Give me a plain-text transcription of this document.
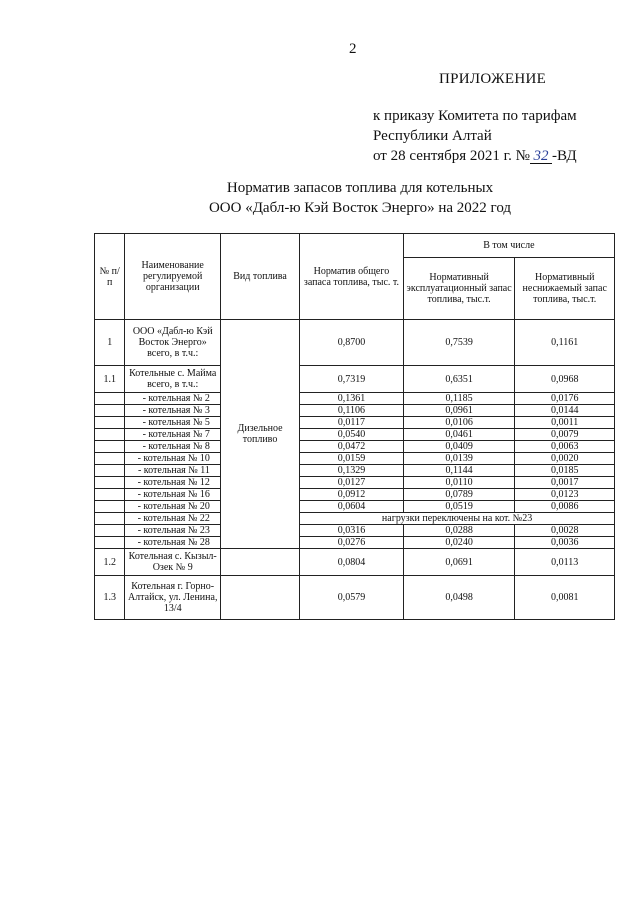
2
ПРИЛОЖЕНИЕ
к приказу Комитета по тарифам
Республики Алтай
от 28 сентября 2021 г. № 32 -ВД
Норматив запасов топлива для котельных
ООО «Дабл-ю Кэй Восток Энерго» на 2022 год
№ п/п	Наименование регулируемой организации	Вид топлива	Норматив общего запаса топлива, тыс. т.	В том числе	
				Нормативный эксплуатационный запас топлива, тыс.т.	Нормативный неснижаемый запас топлива, тыс.т.
1	ООО «Дабл-ю Кэй Восток Энерго» всего, в т.ч.:	Дизельное топливо	0,8700	0,7539	0,1161
1.1	Котельные с. Майма всего, в т.ч.:		0,7319	0,6351	0,0968
	- котельная № 2		0,1361	0,1185	0,0176
	- котельная № 3		0,1106	0,0961	0,0144
	- котельная № 5		0,0117	0,0106	0,0011
	- котельная № 7		0,0540	0,0461	0,0079
	- котельная № 8		0,0472	0,0409	0,0063
	- котельная № 10		0,0159	0,0139	0,0020
	- котельная № 11		0,1329	0,1144	0,0185
	- котельная № 12		0,0127	0,0110	0,0017
	- котельная № 16		0,0912	0,0789	0,0123
	- котельная № 20		0,0604	0,0519	0,0086
	- котельная № 22		нагрузки переключены на кот. №23		
	- котельная № 23		0,0316	0,0288	0,0028
	- котельная № 28		0,0276	0,0240	0,0036
1.2	Котельная с. Кызыл-Озек № 9		0,0804	0,0691	0,0113
1.3	Котельная г. Горно-Алтайск, ул. Ленина, 13/4		0,0579	0,0498	0,0081
